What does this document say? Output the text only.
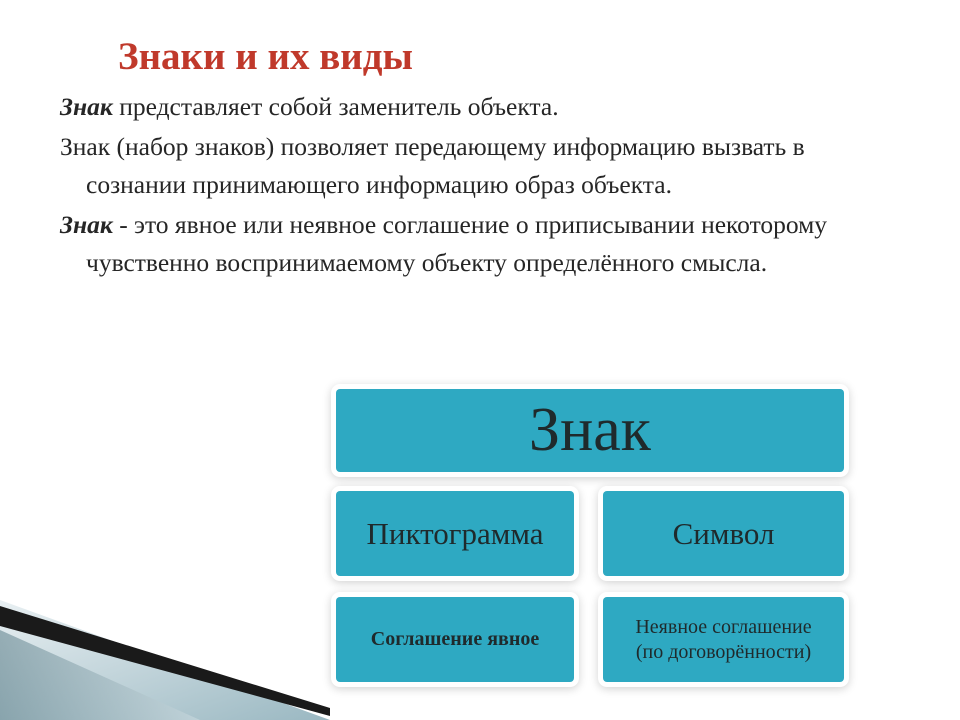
Знаки и их виды

Знак представляет собой заменитель объекта.

Знак (набор знаков) позволяет передающему информацию вызвать в сознании принимающего информацию образ объекта.

Знак - это явное или неявное соглашение о приписывании некоторому чувственно воспринимаемому объекту определённого смысла.

Знак
Пиктограмма	Символ
Соглашение явное
Неявное соглашение
(по договорённости)
